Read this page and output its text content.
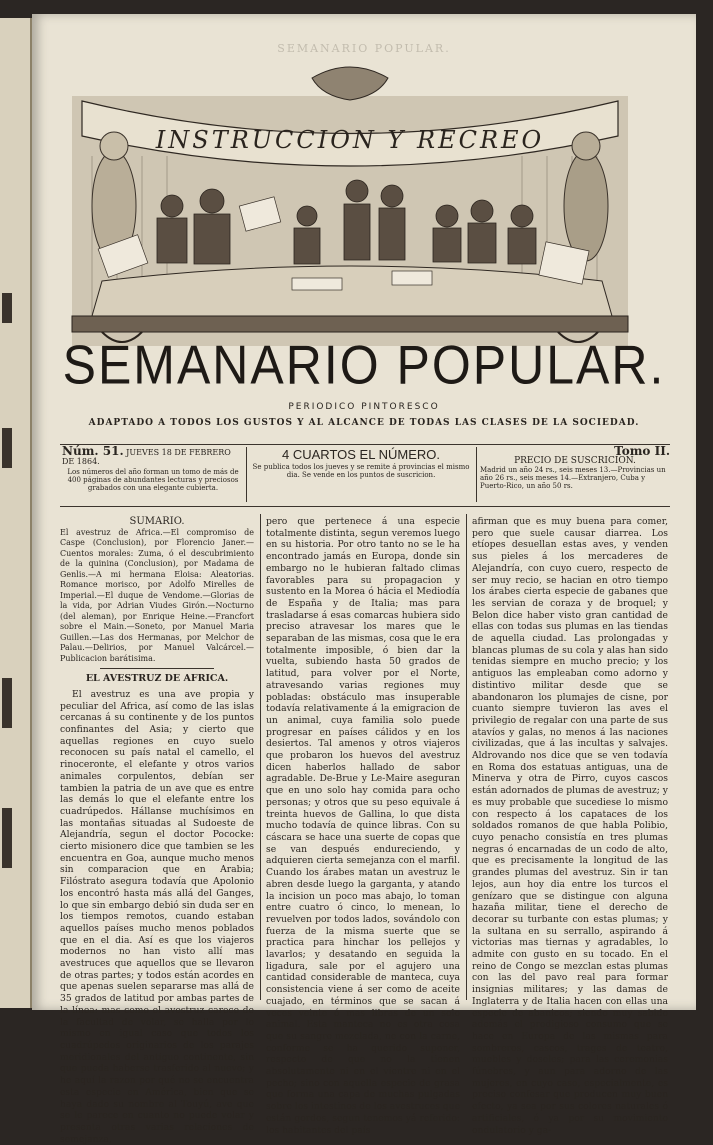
SEMANARIO POPULAR.
INSTRUCCION Y RECREO
SEMANARIO POPULAR.
PERIODICO PINTORESCO
ADAPTADO A TODOS LOS GUSTOS Y AL ALCANCE DE TODAS LAS CLASES DE LA SOCIEDAD.
Núm. 51. JUEVES 18 DE FEBRERO DE 1864.
Los números del año forman un tomo de más de 400 páginas de abundantes lecturas y preciosos grabados con una elegante cubierta.
4 CUARTOS EL NÚMERO.
Se publica todos los jueves y se remite á provincias el mismo dia. Se vende en los puntos de suscricion.
Tomo II.
PRECIO DE SUSCRICION.
Madrid un año 24 rs., seis meses 13.—Provincias un año 26 rs., seis meses 14.—Extranjero, Cuba y Puerto-Rico, un año 50 rs.

SUMARIO.

El avestruz de Africa.—El compromiso de Caspe (Conclusion), por Florencio Janer.—Cuentos morales: Zuma, ó el descubrimiento de la quinina (Conclusion), por Madama de Genlis.—A mi hermana Eloisa: Aleatorias. Romance morisco, por Adolfo Mirelles de Imperial.—El duque de Vendome.—Glorias de la vida, por Adrian Viudes Girón.—Nocturno (del aleman), por Enrique Heine.—Francfort sobre el Main.—Soneto, por Manuel Maria Guillen.—Las dos Hermanas, por Melchor de Palau.—Delirios, por Manuel Valcárcel.—Publicacion barátisima.

EL AVESTRUZ DE AFRICA.

El avestruz es una ave propia y peculiar del Africa, así como de las islas cercanas á su continente y de los puntos confinantes del Asia; y cierto que aquellas regiones en cuyo suelo reconocen su país natal el camello, el rinoceronte, el elefante y otros varios animales corpulentos, debían ser tambien la patria de un ave que es entre las demás lo que el elefante entre los cuadrúpedos. Hállanse muchísimos en las montañas situadas al Sudoeste de Alejandría, segun el doctor Pococke: cierto misionero dice que tambien se les encuentra en Goa, aunque mucho menos sin comparacion que en Arabia; Filóstrato asegura todavía que Apolonio los encontró hasta más allá del Ganges, lo que sin embargo debió sin duda ser en los tiempos remotos, cuando estaban aquellos países mucho menos poblados que en el dia. Así es que los viajeros modernos no han visto allí mas avestruces que aquellos que se llevaron de otras partes; y todos están acordes en que apenas suelen separarse mas allá de 35 grados de latitud por ambas partes de la línea: mas como el avestruz carece de la facultad de volar, se halla por lo mismo en igual caso que todos los cuadrúpedos originarios de los parajes meridionales del antiguo continente, sin que pueda haberse trasferido al nuevo; y he aquí la razon por qué no se encuentra esta especie en América, bien que se haya dado su nombre al Touyú, ave que se le parece en cuanto no puede volar y presenta otras varias relaciones de semejanza,

pero que pertenece á una especie totalmente distinta, segun veremos luego en su historia. Por otro tanto no se le ha encontrado jamás en Europa, donde sin embargo no le hubieran faltado climas favorables para su propagacion y sustento en la Morea ó hácia el Mediodía de España y de Italia; mas para trasladarse á esas comarcas hubiera sido preciso atravesar los mares que le separaban de las mismas, cosa que le era totalmente imposible, ó bien dar la vuelta, subiendo hasta 50 grados de latitud, para volver por el Norte, atravesando varias regiones muy pobladas: obstáculo mas insuperable todavía relativamente á la emigracion de un animal, cuya familia solo puede progresar en países cálidos y en los desiertos. Tal amenos y otros viajeros que probaron los huevos del avestruz dicen haberlos hallado de sabor agradable. De-Brue y Le-Maire aseguran que en uno solo hay comida para ocho personas; y otros que su peso equivale á treinta huevos de Gallina, lo que dista mucho todavía de quince libras. Con su cáscara se hace una suerte de copas que se van después endureciendo, y adquieren cierta semejanza con el marfil. Cuando los árabes matan un avestruz le abren desde luego la garganta, y atando la incision un poco mas abajo, lo toman entre cuatro ó cinco, lo menean, lo revuelven por todos lados, sovándolo con fuerza de la misma suerte que se practica para hinchar los pellejos y lavarlos; y desatando en seguida la ligadura, sale por el agujero una cantidad considerable de manteca, cuya consistencia viene á ser como de aceite cuajado, en términos que se sacan á veces veinte ó mas libras de un solo animal. Esta manteca no es otra cosa que su sangre mezclada, ne con la carne, conforme se ha querido suponer, respecto de que no la tienen absolutamente ni en el vientre ni en el pecho; sino con aquella especie de grasa que forma una capa de muchas pulgadas sobre los intestinos de los avestruces que están gordos, segun tenemos yá referido: los habitantes del país

afirman que es muy buena para comer, pero que suele causar diarrea. Los etíopes desuellan estas aves, y venden sus pieles á los mercaderes de Alejandría, con cuyo cuero, respecto de ser muy recio, se hacian en otro tiempo los árabes cierta especie de gabanes que les servian de coraza y de broquel; y Belon dice haber visto gran cantidad de ellas con todas sus plumas en las tiendas de aquella ciudad. Las prolongadas y blancas plumas de su cola y alas han sido tenidas siempre en mucho precio; y los antiguos las empleaban como adorno y distintivo militar desde que se abandonaron los plumajes de cisne, por cuanto siempre tuvieron las aves el privilegio de regalar con una parte de sus atavíos y galas, no menos á las naciones civilizadas, que á las incultas y salvajes. Aldrovando nos dice que se ven todavía en Roma dos estatuas antiguas, una de Minerva y otra de Pirro, cuyos cascos están adornados de plumas de avestruz; y es muy probable que sucediese lo mismo con respecto á los capataces de los soldados romanos de que habla Polibio, cuyo penacho consistía en tres plumas negras ó encarnadas de un codo de alto, que es precisamente la longitud de las grandes plumas del avestruz. Sin ir tan lejos, aun hoy dia entre los turcos el genízaro que se distingue con alguna hazaña militar, tiene el derecho de decorar su turbante con estas plumas; y la sultana en su serrallo, aspirando á victorias mas tiernas y agradables, lo admite con gusto en su tocado. En el reino de Congo se mezclan estas plumas con las del pavo real para formar insignias militares; y las damas de Inglaterra y de Italia hacen con ellas una especie de abanicos; siendo muy sabido además el prodigioso consumo que se hace en Europa de las mismas para sombreros, cascos, trages de teatro, muebles y doseles; para las ceremonias fúnebres, y aun para adorno de las mujeres, en cuyo caso, especialmente, es preciso confesar que producen muy buen efecto, ya sea por sus colores naturales ó artificiales, ó ya por su movimiento ondulatorio y ga-
